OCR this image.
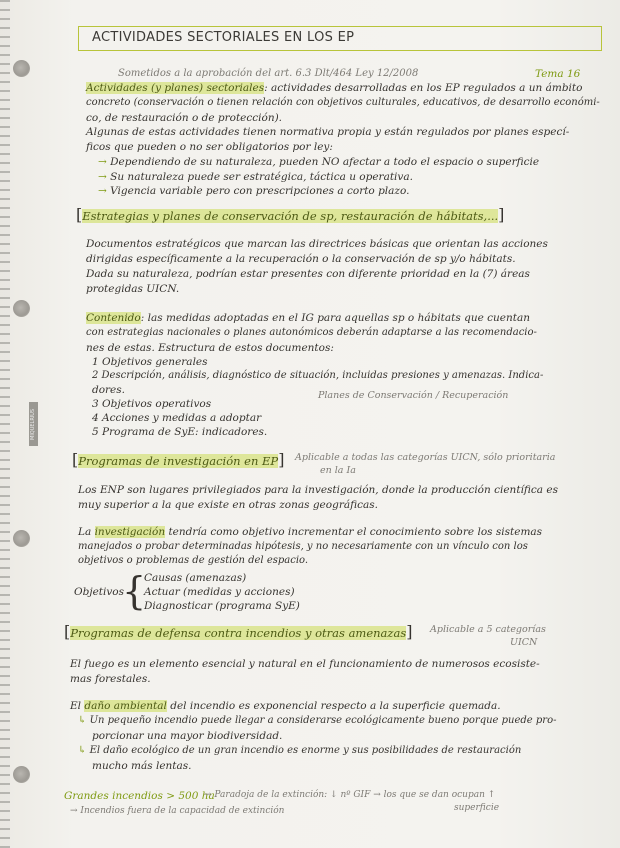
MIQUELRIUS
ACTIVIDADES SECTORIALES EN LOS EP
Sometidos a la aprobación del art. 6.3 Dlt/464 Ley 12/2008	Tema 16
Actividades (y planes) sectoriales: actividades desarrolladas en los EP regulados a un ámbito
concreto (conservación o tienen relación con objetivos culturales, educativos, de desarrollo económi-
co, de restauración o de protección).
Algunas de estas actividades tienen normativa propia y están regulados por planes especí-
ficos que pueden o no ser obligatorios por ley:
→ Dependiendo de su naturaleza, pueden NO afectar a todo el espacio o superficie
→ Su naturaleza puede ser estratégica, táctica u operativa.
→ Vigencia variable pero con prescripciones a corto plazo.
[Estrategias y planes de conservación de sp, restauración de hábitats,...]
Documentos estratégicos que marcan las directrices básicas que orientan las acciones
dirigidas específicamente a la recuperación o la conservación de sp y/o hábitats.
Dada su naturaleza, podrían estar presentes con diferente prioridad en la (7) áreas
protegidas UICN.
Contenido: las medidas adoptadas en el IG para aquellas sp o hábitats que cuentan
con estrategias nacionales o planes autonómicos deberán adaptarse a las recomendacio-
nes de estas. Estructura de estos documentos:
1 Objetivos generales
2 Descripción, análisis, diagnóstico de situación, incluidas presiones y amenazas. Indica-
dores.	Planes de Conservación / Recuperación
3 Objetivos operativos
4 Acciones y medidas a adoptar
5 Programa de SyE: indicadores.
[Programas de investigación en EP] Aplicable a todas las categorías UICN, sólo prioritaria
en la Ia
Los ENP son lugares privilegiados para la investigación, donde la producción científica es
muy superior a la que existe en otras zonas geográficas.
La investigación tendría como objetivo incrementar el conocimiento sobre los sistemas
manejados o probar determinadas hipótesis, y no necesariamente con un vínculo con los
objetivos o problemas de gestión del espacio.
Objetivos
{
Causas (amenazas)
Actuar (medidas y acciones)
Diagnosticar (programa SyE)
[Programas de defensa contra incendios y otras amenazas] Aplicable a 5 categorías
UICN
El fuego es un elemento esencial y natural en el funcionamiento de numerosos ecosiste-
mas forestales.
El daño ambiental del incendio es exponencial respecto a la superficie quemada.
↳ Un pequeño incendio puede llegar a considerarse ecológicamente bueno porque puede pro-
porcionar una mayor biodiversidad.
↳ El daño ecológico de un gran incendio es enorme y sus posibilidades de restauración
mucho más lentas.
Grandes incendios > 500 ha
→ Paradoja de la extinción: ↓ nº GIF → los que se dan ocupan ↑
superficie
→ Incendios fuera de la capacidad de extinción
